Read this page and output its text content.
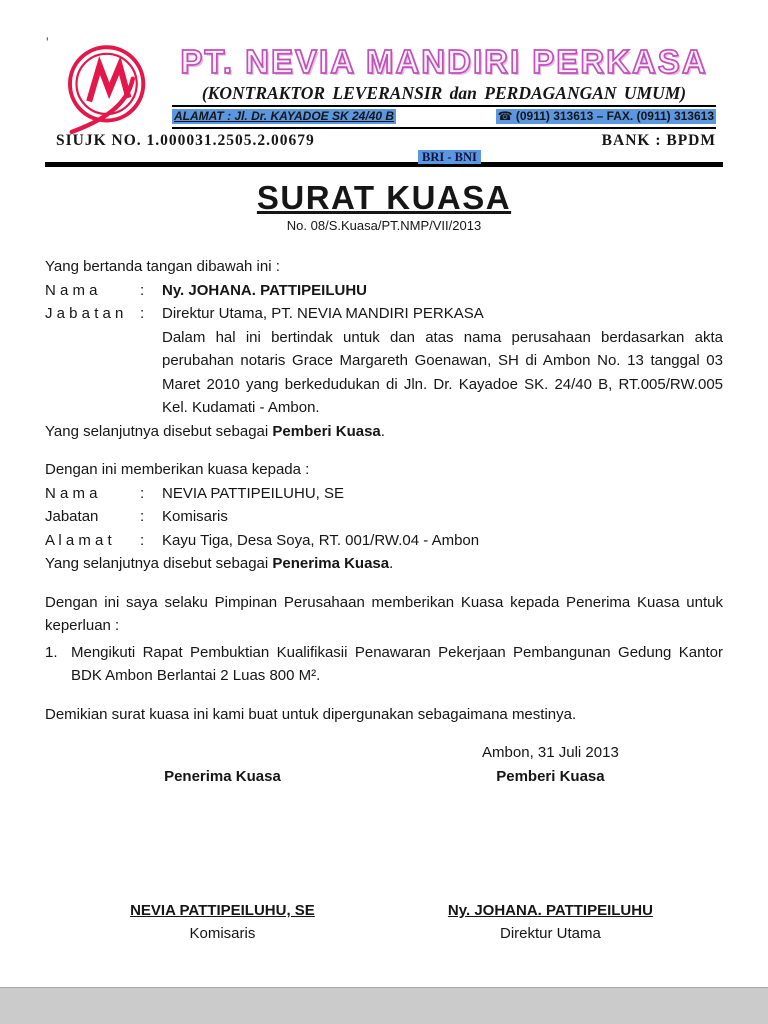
'
PT. NEVIA MANDIRI PERKASA
(KONTRAKTOR LEVERANSIR dan PERDAGANGAN UMUM)
ALAMAT : Jl. Dr. KAYADOE SK 24/40 B	☎ (0911) 313613 – FAX. (0911) 313613
SIUJK NO. 1.000031.2505.2.00679	BANK : BPDM
BRI - BNI
SURAT KUASA
No. 08/S.Kuasa/PT.NMP/VII/2013

Yang bertanda tangan dibawah ini :

N a m a	:	Ny. JOHANA. PATTIPEILUHU
J a b a t a n	:	Direktur Utama, PT. NEVIA MANDIRI PERKASA

Dalam hal ini bertindak untuk dan atas nama perusahaan berdasarkan akta perubahan notaris Grace Margareth Goenawan, SH di Ambon No. 13 tanggal 03 Maret 2010 yang berkedudukan di Jln. Dr. Kayadoe SK. 24/40 B, RT.005/RW.005 Kel. Kudamati - Ambon.

Yang selanjutnya disebut sebagai Pemberi Kuasa.

Dengan ini memberikan kuasa kepada :

N a m a	:	NEVIA PATTIPEILUHU, SE
Jabatan	:	Komisaris
A l a m a t	:	Kayu Tiga, Desa Soya, RT. 001/RW.04 - Ambon

Yang selanjutnya disebut sebagai Penerima Kuasa.

Dengan ini saya selaku Pimpinan Perusahaan memberikan Kuasa kepada Penerima Kuasa untuk keperluan :

1. Mengikuti Rapat Pembuktian Kualifikasii Penawaran Pekerjaan Pembangunan Gedung Kantor BDK Ambon Berlantai 2 Luas 800 M².

Demikian surat kuasa ini kami buat untuk dipergunakan sebagaimana mestinya.

Penerima Kuasa
NEVIA PATTIPEILUHU, SE
Komisaris
Ambon, 31 Juli 2013
Pemberi Kuasa
Ny. JOHANA. PATTIPEILUHU
Direktur Utama
